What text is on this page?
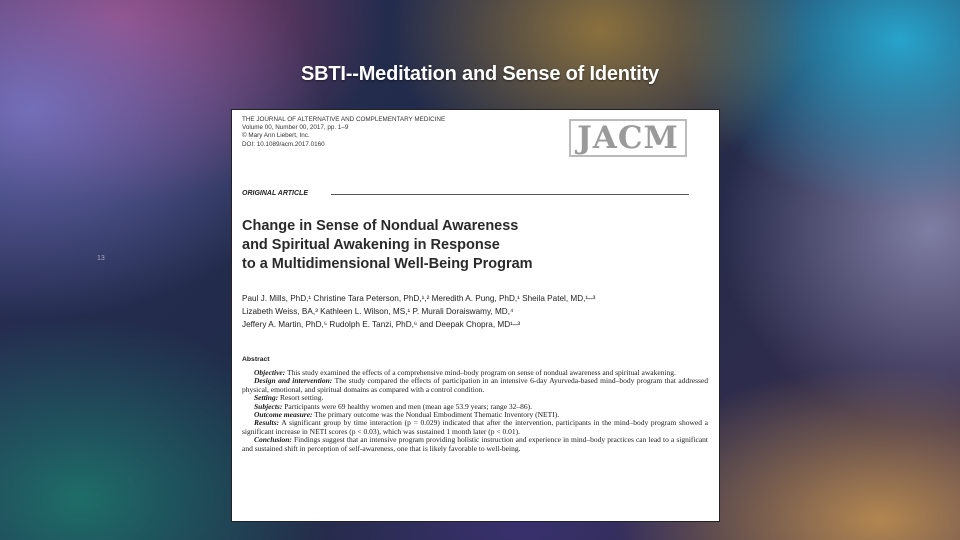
SBTI--Meditation and Sense of Identity
13
THE JOURNAL OF ALTERNATIVE AND COMPLEMENTARY MEDICINE
Volume 00, Number 00, 2017, pp. 1–9
© Mary Ann Liebert, Inc.
DOI: 10.1089/acm.2017.0160	JACM
ORIGINAL ARTICLE
Change in Sense of Nondual Awareness
and Spiritual Awakening in Response
to a Multidimensional Well-Being Program
Paul J. Mills, PhD,¹ Christine Tara Peterson, PhD,¹,² Meredith A. Pung, PhD,¹ Sheila Patel, MD,¹–³
Lizabeth Weiss, BA,³ Kathleen L. Wilson, MS,¹ P. Murali Doraiswamy, MD,⁴
Jeffery A. Martin, PhD,⁵ Rudolph E. Tanzi, PhD,⁶ and Deepak Chopra, MD¹–³
Abstract

Objective: This study examined the effects of a comprehensive mind–body program on sense of nondual awareness and spiritual awakening.

Design and intervention: The study compared the effects of participation in an intensive 6-day Ayurveda-based mind–body program that addressed physical, emotional, and spiritual domains as compared with a control condition.

Setting: Resort setting.

Subjects: Participants were 69 healthy women and men (mean age 53.9 years; range 32–86).

Outcome measure: The primary outcome was the Nondual Embodiment Thematic Inventory (NETI).

Results: A significant group by time interaction (p = 0.029) indicated that after the intervention, participants in the mind–body program showed a significant increase in NETI scores (p < 0.03), which was sustained 1 month later (p < 0.01).

Conclusion: Findings suggest that an intensive program providing holistic instruction and experience in mind–body practices can lead to a significant and sustained shift in perception of self-awareness, one that is likely favorable to well-being.
